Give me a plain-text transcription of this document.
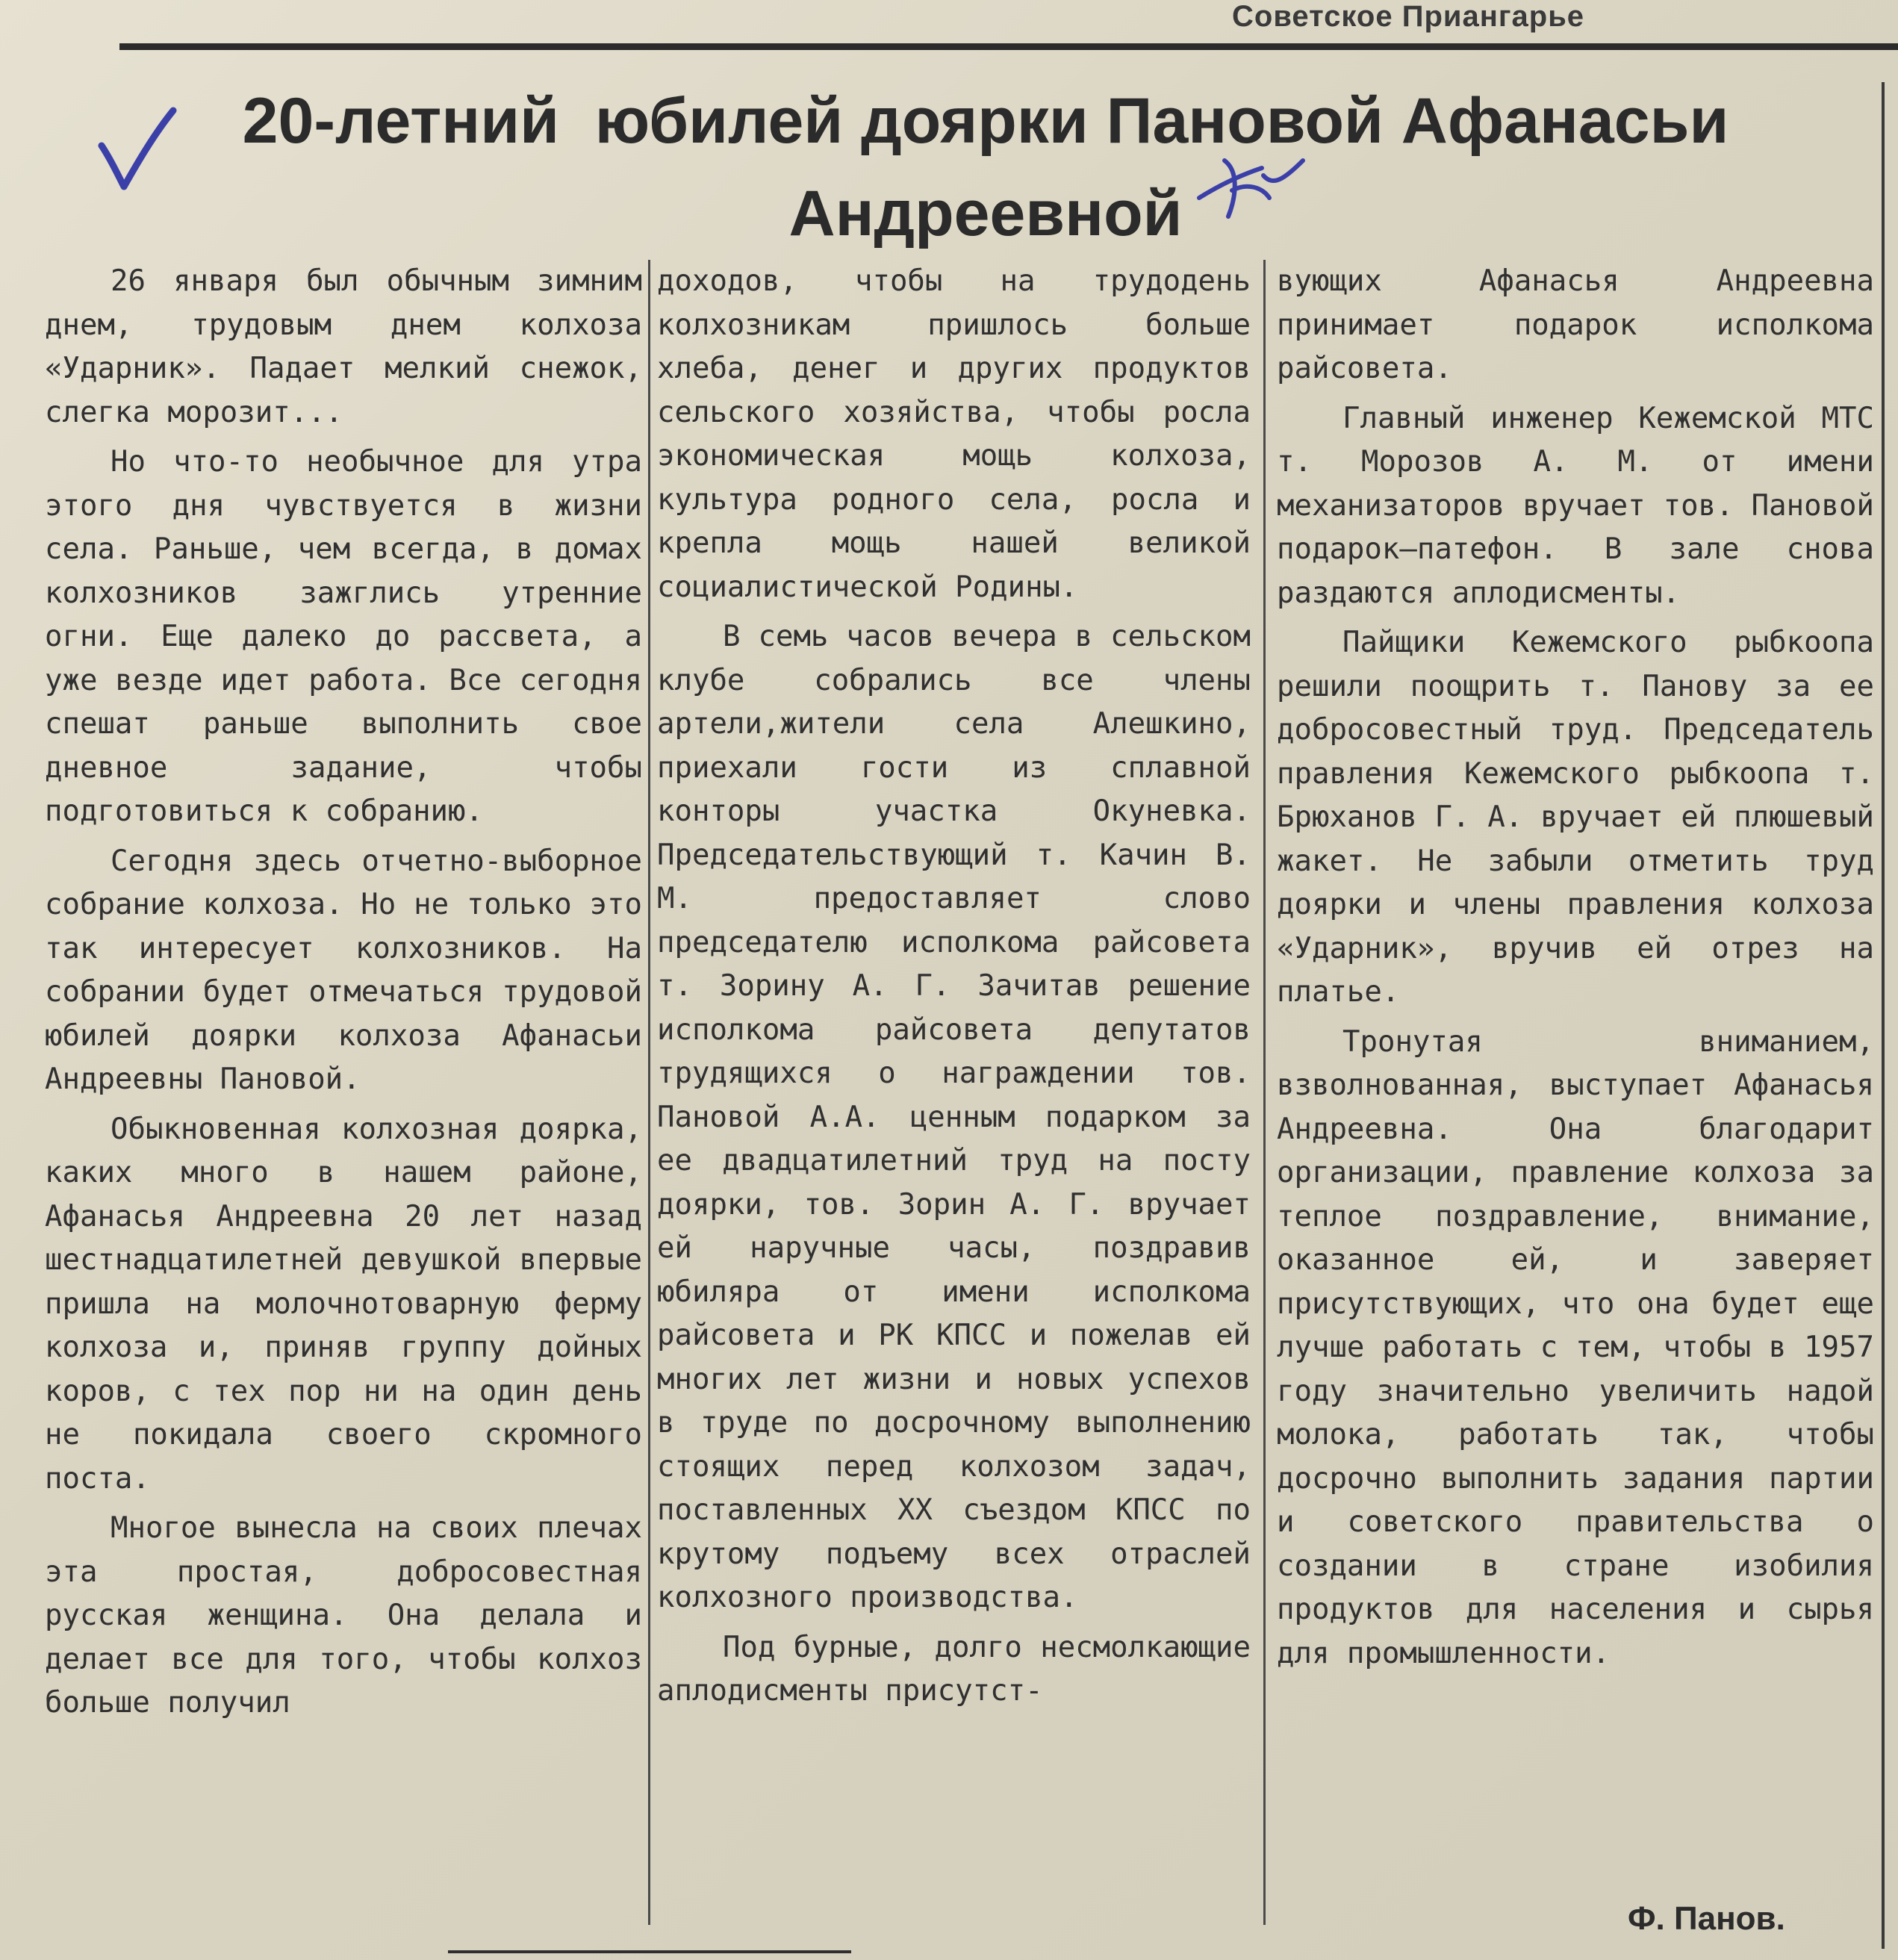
Советское Приангарье
20-летний  юбилей доярки Пановой Афанасьи
Андреевной

26 января был обычным зимним днем, трудовым днем колхоза «Ударник». Падает мелкий снежок, слегка морозит...

Но что-то необычное для утра этого дня чувствуется в жизни села. Раньше, чем всегда, в домах колхозников зажглись утренние огни. Еще далеко до рассвета, а уже везде идет работа. Все сегодня спешат раньше выполнить свое дневное задание, чтобы подготовиться к собранию.

Сегодня здесь отчетно-выборное собрание колхоза. Но не только это так интересует колхозников. На собрании будет отмечаться трудовой юбилей доярки колхоза Афанасьи Андреевны Пановой.

Обыкновенная колхозная доярка, каких много в нашем районе, Афанасья Андреевна 20 лет назад шестнадцатилетней девушкой впервые пришла на молочнотоварную ферму колхоза и, приняв группу дойных коров, с тех пор ни на один день не покидала своего скромного поста.

Многое вынесла на своих плечах эта простая, добросовестная русская женщина. Она делала и делает все для того, чтобы колхоз больше получил

доходов, чтобы на трудодень колхозникам пришлось больше хлеба, денег и других продуктов сельского хозяйства, чтобы росла экономическая мощь колхоза, культура родного села, росла и крепла мощь нашей великой социалистической Родины.

В семь часов вечера в сельском клубе собрались все члены артели,жители села Алешкино, приехали гости из сплавной конторы участка Окуневка. Председательствующий т. Качин В. М. предоставляет слово председателю исполкома райсовета т. Зорину А. Г. Зачитав решение исполкома райсовета депутатов трудящихся о награждении тов. Пановой А.А. ценным подарком за ее двадцатилетний труд на посту доярки, тов. Зорин А. Г. вручает ей наручные часы, поздравив юбиляра от имени исполкома райсовета и РК КПСС и пожелав ей многих лет жизни и новых успехов в труде по досрочному выполнению стоящих перед колхозом задач, поставленных XX съездом КПСС по крутому подъему всех отраслей колхозного производства.

Под бурные, долго несмолкающие аплодисменты присутст-

вующих Афанасья Андреевна принимает подарок исполкома райсовета.

Главный инженер Кежемской МТС т. Морозов А. М. от имени механизаторов вручает тов. Пановой подарок—патефон. В зале снова раздаются аплодисменты.

Пайщики Кежемского рыбкоопа решили поощрить т. Панову за ее добросовестный труд. Председатель правления Кежемского рыбкоопа т. Брюханов Г. А. вручает ей плюшевый жакет. Не забыли отметить труд доярки и члены правления колхоза «Ударник», вручив ей отрез на платье.

Тронутая вниманием, взволнованная, выступает Афанасья Андреевна. Она благодарит организации, правление колхоза за теплое поздравление, внимание, оказанное ей, и заверяет присутствующих, что она будет еще лучше работать с тем, чтобы в 1957 году значительно увеличить надой молока, работать так, чтобы досрочно выполнить задания партии и советского правительства о создании в стране изобилия продуктов для населения и сырья для промышленности.

Ф. Панов.
